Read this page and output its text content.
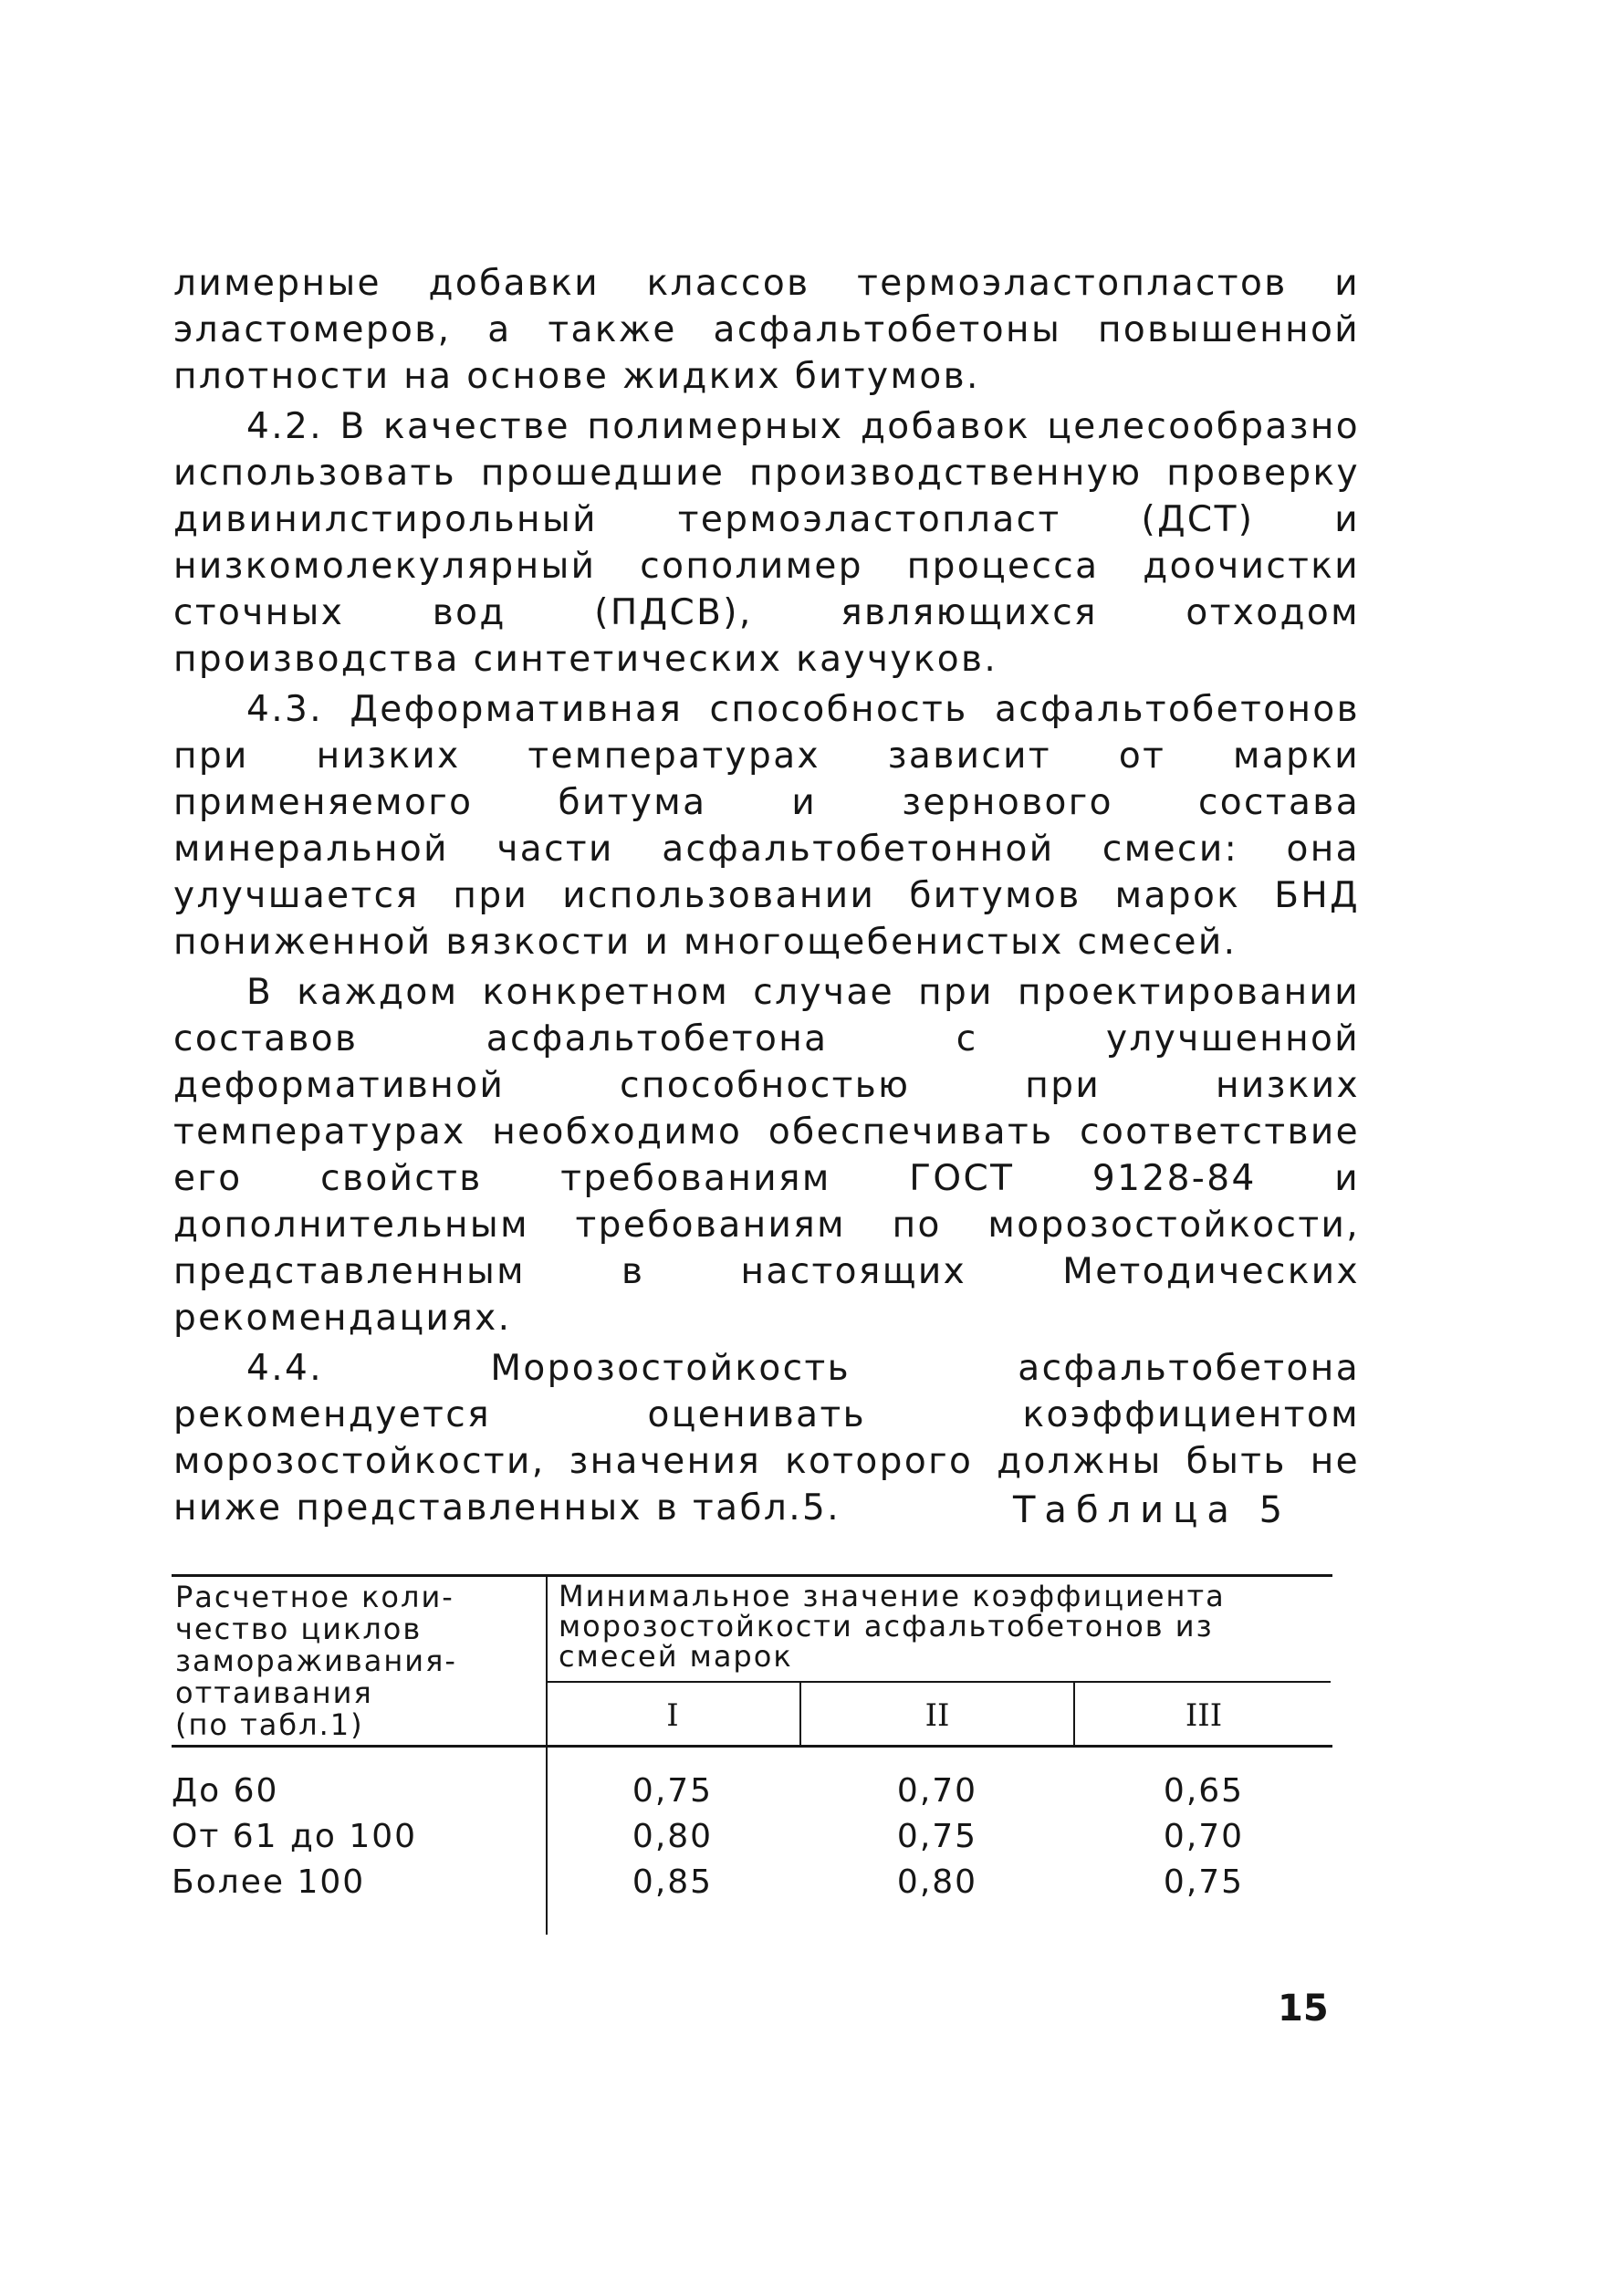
лимерные добавки классов термоэластопластов и эластомеров, а также асфальтобетоны повышенной плотности на основе жидких битумов.

4.2. В качестве полимерных добавок целесообразно использовать прошедшие производственную проверку дивинилстирольный термоэластопласт (ДСТ) и низкомолекулярный сополимер процесса доочистки сточных вод (ПДСВ), являющихся отходом производства синтетических каучуков.

4.3. Деформативная способность асфальтобетонов при низких температурах зависит от марки применяемого битума и зернового состава минеральной части асфальтобетонной смеси: она улучшается при использовании битумов марок БНД пониженной вязкости и многощебенистых смесей.

В каждом конкретном случае при проектировании составов асфальтобетона с улучшенной деформативной способностью при низких температурах необходимо обеспечивать соответствие его свойств требованиям ГОСТ 9128-84 и дополнительным требованиям по морозостойкости, представленным в настоящих Методических рекомендациях.

4.4. Морозостойкость асфальтобетона рекомендуется оценивать коэффициентом морозостойкости, значения которого должны быть не ниже представленных в табл.5.	Таблица 5
Расчетное коли-
чество циклов
замораживания-
оттаивания
(по табл.1)
Минимальное значение коэффициента
морозостойкости асфальтобетонов из
смесей марок
I	II	III
До 60	0,75	0,70	0,65
От 61 до 100	0,80	0,75	0,70
Более 100	0,85	0,80	0,75
15
